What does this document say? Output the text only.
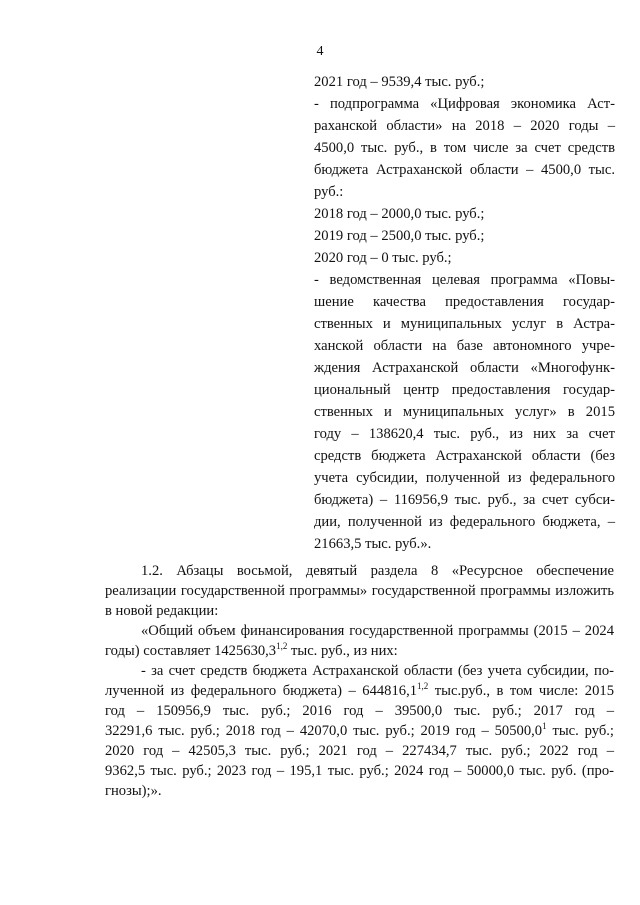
4
2021 год – 9539,4 тыс. руб.;
- подпрограмма «Цифровая экономика Аст-
раханской области» на 2018 – 2020 годы –
4500,0 тыс. руб., в том числе за счет средств
бюджета Астраханской области – 4500,0 тыс.
руб.:
2018 год – 2000,0 тыс. руб.;
2019 год – 2500,0 тыс. руб.;
2020 год – 0 тыс. руб.;
- ведомственная целевая программа «Повы-
шение качества предоставления государ-
ственных и муниципальных услуг в Астра-
ханской области на базе автономного учре-
ждения Астраханской области «Многофунк-
циональный центр предоставления государ-
ственных и муниципальных услуг» в 2015
году – 138620,4 тыс. руб., из них за счет
средств бюджета Астраханской области (без
учета субсидии, полученной из федерального
бюджета) – 116956,9 тыс. руб., за счет субси-
дии, полученной из федерального бюджета, –
21663,5 тыс. руб.».
1.2. Абзацы восьмой, девятый раздела 8 «Ресурсное обеспечение
реализации государственной программы» государственной программы изложить
в новой редакции:
«Общий объем финансирования государственной программы (2015 – 2024
годы) составляет 1425630,3$^{1,2}$ тыс. руб., из них:
- за счет средств бюджета Астраханской области (без учета субсидии, по-
лученной из федерального бюджета) – 644816,1$^{1,2}$ тыс.руб., в том числе: 2015
год – 150956,9 тыс. руб.; 2016 год – 39500,0 тыс. руб.; 2017 год –
32291,6 тыс. руб.; 2018 год – 42070,0 тыс. руб.; 2019 год – 50500,0$^1$ тыс. руб.;
2020 год – 42505,3 тыс. руб.; 2021 год – 227434,7 тыс. руб.; 2022 год –
9362,5 тыс. руб.; 2023 год – 195,1 тыс. руб.; 2024 год – 50000,0 тыс. руб. (про-
гнозы);».
